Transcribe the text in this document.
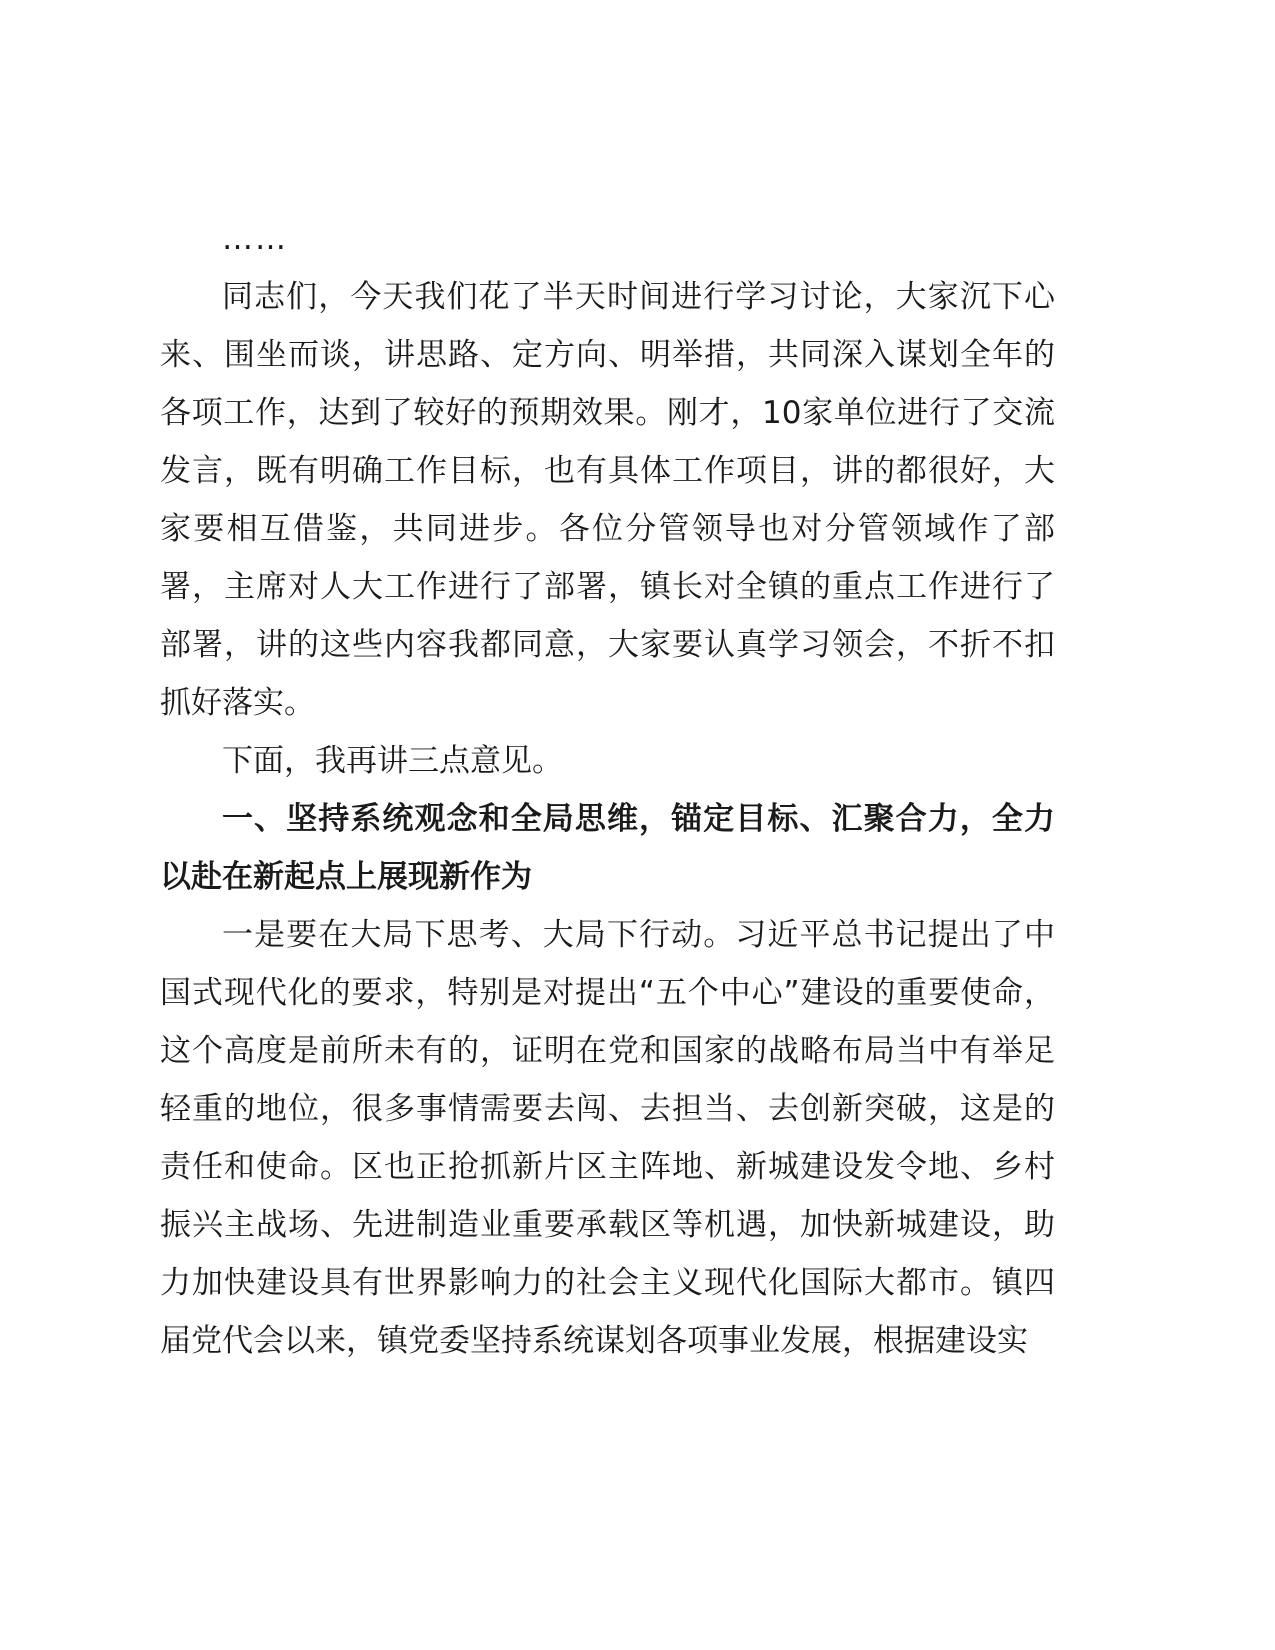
……

同志们，今天我们花了半天时间进行学习讨论，大家沉下心来、围坐而谈，讲思路、定方向、明举措，共同深入谋划全年的各项工作，达到了较好的预期效果。刚才，10家单位进行了交流发言，既有明确工作目标，也有具体工作项目，讲的都很好，大家要相互借鉴，共同进步。各位分管领导也对分管领域作了部署，主席对人大工作进行了部署，镇长对全镇的重点工作进行了部署，讲的这些内容我都同意，大家要认真学习领会，不折不扣抓好落实。

下面，我再讲三点意见。

一、坚持系统观念和全局思维，锚定目标、汇聚合力，全力以赴在新起点上展现新作为

一是要在大局下思考、大局下行动。习近平总书记提出了中国式现代化的要求，特别是对提出“五个中心”建设的重要使命，这个高度是前所未有的，证明在党和国家的战略布局当中有举足轻重的地位，很多事情需要去闯、去担当、去创新突破，这是的责任和使命。区也正抢抓新片区主阵地、新城建设发令地、乡村振兴主战场、先进制造业重要承载区等机遇，加快新城建设，助力加快建设具有世界影响力的社会主义现代化国际大都市。镇四届党代会以来，镇党委坚持系统谋划各项事业发展，根据建设实
